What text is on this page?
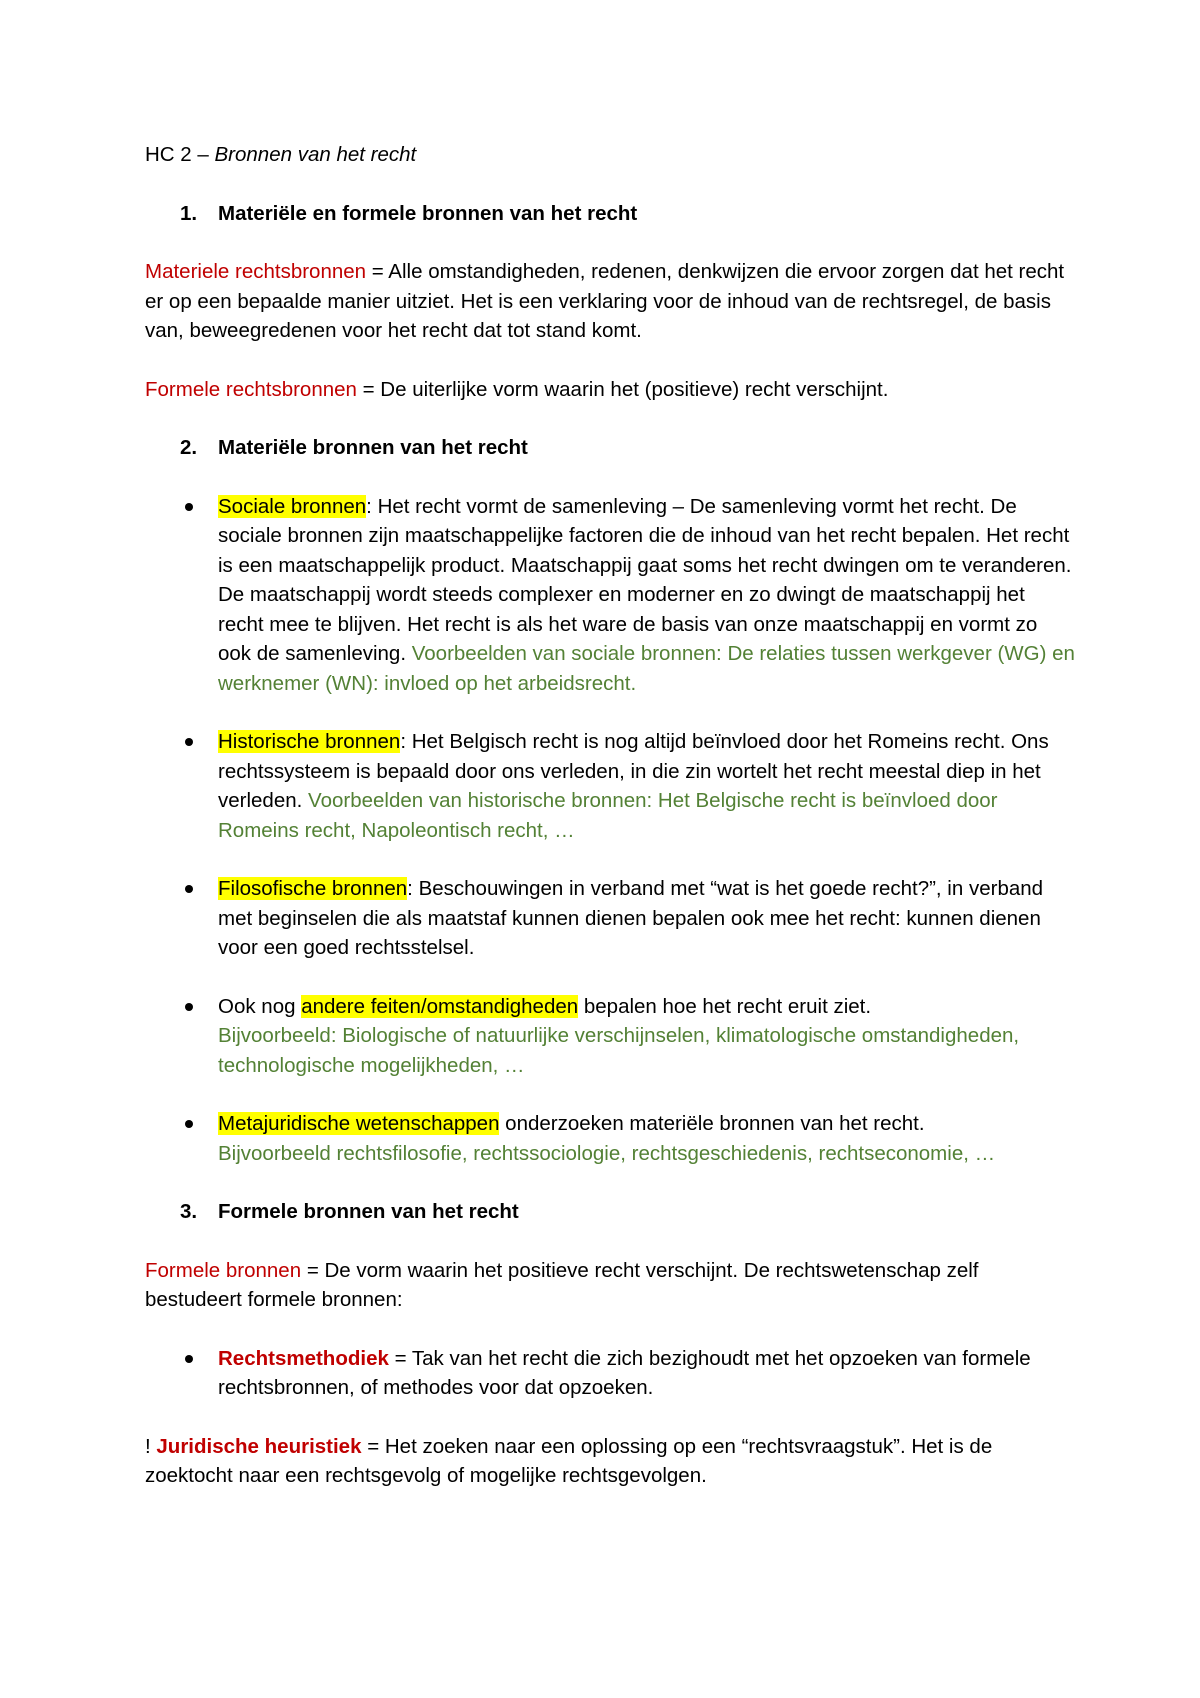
HC 2 – Bronnen van het recht

1.	Materiële en formele bronnen van het recht

Materiele rechtsbronnen = Alle omstandigheden, redenen, denkwijzen die ervoor zorgen dat het recht er op een bepaalde manier uitziet. Het is een verklaring voor de inhoud van de rechtsregel, de basis van, beweegredenen voor het recht dat tot stand komt.

Formele rechtsbronnen = De uiterlijke vorm waarin het (positieve) recht verschijnt.

2.	Materiële bronnen van het recht

Sociale bronnen: Het recht vormt de samenleving – De samenleving vormt het recht. De sociale bronnen zijn maatschappelijke factoren die de inhoud van het recht bepalen. Het recht is een maatschappelijk product. Maatschappij gaat soms het recht dwingen om te veranderen. De maatschappij wordt steeds complexer en moderner en zo dwingt de maatschappij het recht mee te blijven. Het recht is als het ware de basis van onze maatschappij en vormt zo ook de samenleving. Voorbeelden van sociale bronnen: De relaties tussen werkgever (WG) en werknemer (WN): invloed op het arbeidsrecht.

Historische bronnen: Het Belgisch recht is nog altijd beïnvloed door het Romeins recht. Ons rechtssysteem is bepaald door ons verleden, in die zin wortelt het recht meestal diep in het verleden. Voorbeelden van historische bronnen: Het Belgische recht is beïnvloed door Romeins recht, Napoleontisch recht, …

Filosofische bronnen: Beschouwingen in verband met “wat is het goede recht?”, in verband met beginselen die als maatstaf kunnen dienen bepalen ook mee het recht: kunnen dienen voor een goed rechtsstelsel.

Ook nog andere feiten/omstandigheden bepalen hoe het recht eruit ziet.
Bijvoorbeeld: Biologische of natuurlijke verschijnselen, klimatologische omstandigheden, technologische mogelijkheden, …

Metajuridische wetenschappen onderzoeken materiële bronnen van het recht.
Bijvoorbeeld rechtsfilosofie, rechtssociologie, rechtsgeschiedenis, rechtseconomie, …

3.	Formele bronnen van het recht

Formele bronnen = De vorm waarin het positieve recht verschijnt. De rechtswetenschap zelf bestudeert formele bronnen:

Rechtsmethodiek = Tak van het recht die zich bezighoudt met het opzoeken van formele rechtsbronnen, of methodes voor dat opzoeken.

! Juridische heuristiek = Het zoeken naar een oplossing op een “rechtsvraagstuk”. Het is de zoektocht naar een rechtsgevolg of mogelijke rechtsgevolgen.
